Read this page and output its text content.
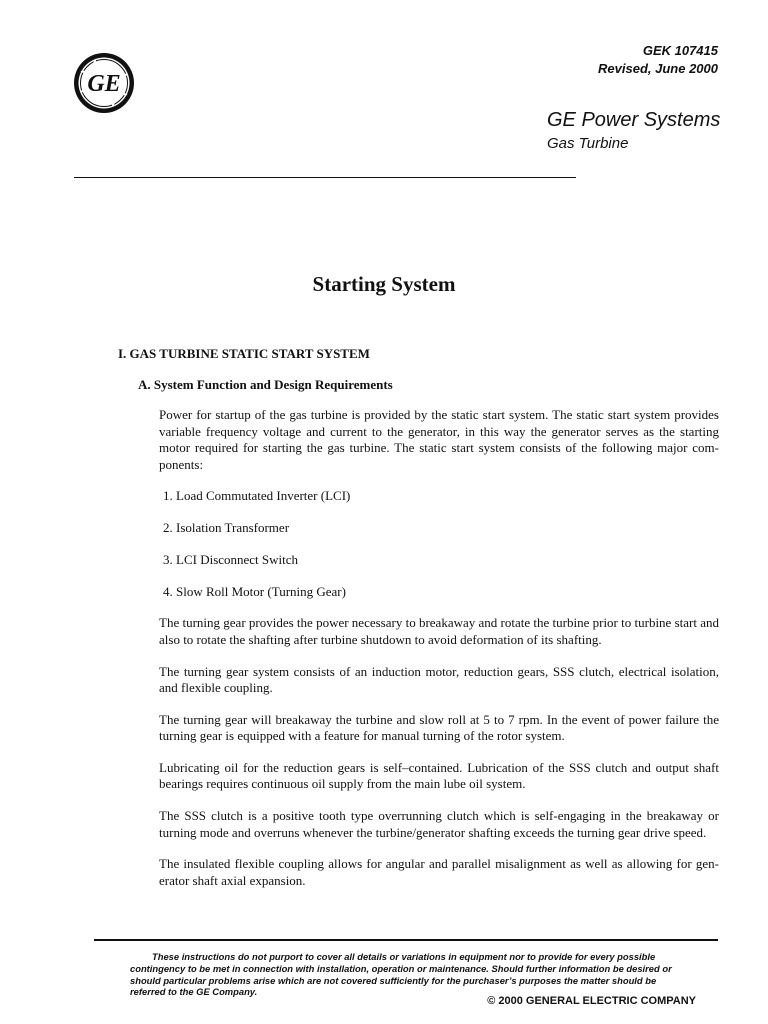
GE
GEK 107415
Revised, June 2000
GE Power Systems
Gas Turbine
Starting System
I. GAS TURBINE STATIC START SYSTEM
A. System Function and Design Requirements

Power for startup of the gas turbine is provided by the static start system. The static start system provides variable frequency voltage and current to the generator, in this way the generator serves as the starting motor required for starting the gas turbine. The static start system consists of the following major com-ponents:

1. Load Commutated Inverter (LCI)
2. Isolation Transformer
3. LCI Disconnect Switch
4. Slow Roll Motor (Turning Gear)

The turning gear provides the power necessary to breakaway and rotate the turbine prior to turbine start and also to rotate the shafting after turbine shutdown to avoid deformation of its shafting.

The turning gear system consists of an induction motor, reduction gears, SSS clutch, electrical isolation, and flexible coupling.

The turning gear will breakaway the turbine and slow roll at 5 to 7 rpm. In the event of power failure the turning gear is equipped with a feature for manual turning of the rotor system.

Lubricating oil for the reduction gears is self–contained. Lubrication of the SSS clutch and output shaft bearings requires continuous oil supply from the main lube oil system.

The SSS clutch is a positive tooth type overrunning clutch which is self-engaging in the breakaway or turning mode and overruns whenever the turbine/generator shafting exceeds the turning gear drive speed.

The insulated flexible coupling allows for angular and parallel misalignment as well as allowing for gen-erator shaft axial expansion.

These instructions do not purport to cover all details or variations in equipment nor to provide for every possible contingency to be met in connection with installation, operation or maintenance. Should further information be desired or should particular problems arise which are not covered sufficiently for the purchaser’s purposes the matter should be referred to the GE Company.
© 2000 GENERAL ELECTRIC COMPANY
